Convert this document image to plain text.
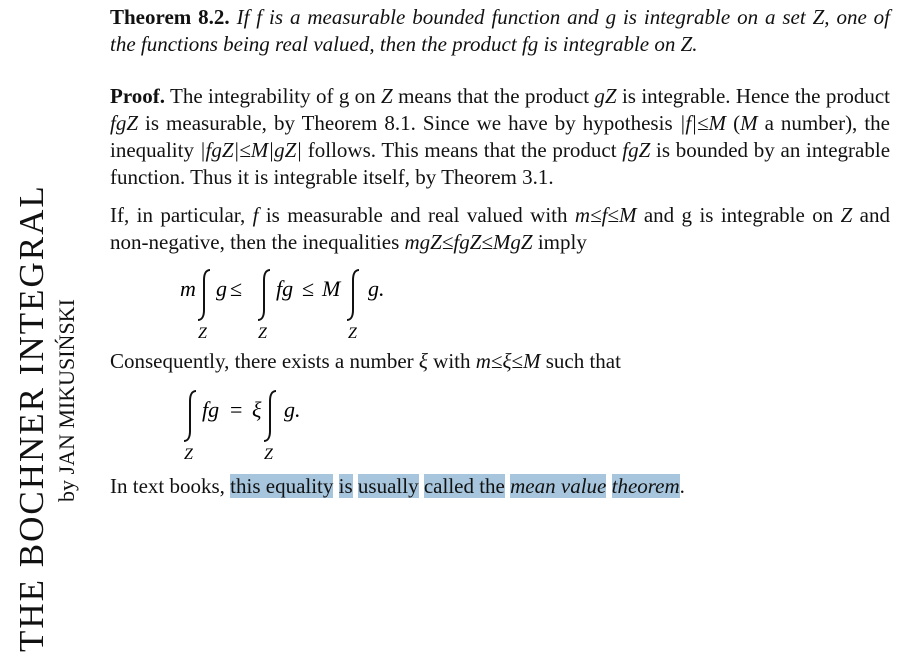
THE BOCHNER INTEGRAL by JAN MIKUSIŃSKI

Theorem 8.2. If f is a measurable bounded function and g is integrable on a set Z, one of the functions being real valued, then the product fg is integrable on Z.

Proof. The integrability of g on Z means that the product gZ is integrable. Hence the product fgZ is measurable, by Theorem 8.1. Since we have by hypothesis |f|≤M (M a number), the inequality |fgZ|≤M|gZ| follows. This means that the product fgZ is bounded by an integrable function. Thus it is integrable itself, by Theorem 3.1.

If, in particular, f is measurable and real valued with m≤f≤M and g is integrable on Z and non-negative, then the inequalities mgZ≤fgZ≤MgZ imply

m g ≤ fg ≤ M g.
Z	Z	Z

Consequently, there exists a number ξ with m≤ξ≤M such that

fg = ξ g.
Z	Z

In text books, this equality is usually called the mean value theorem.
